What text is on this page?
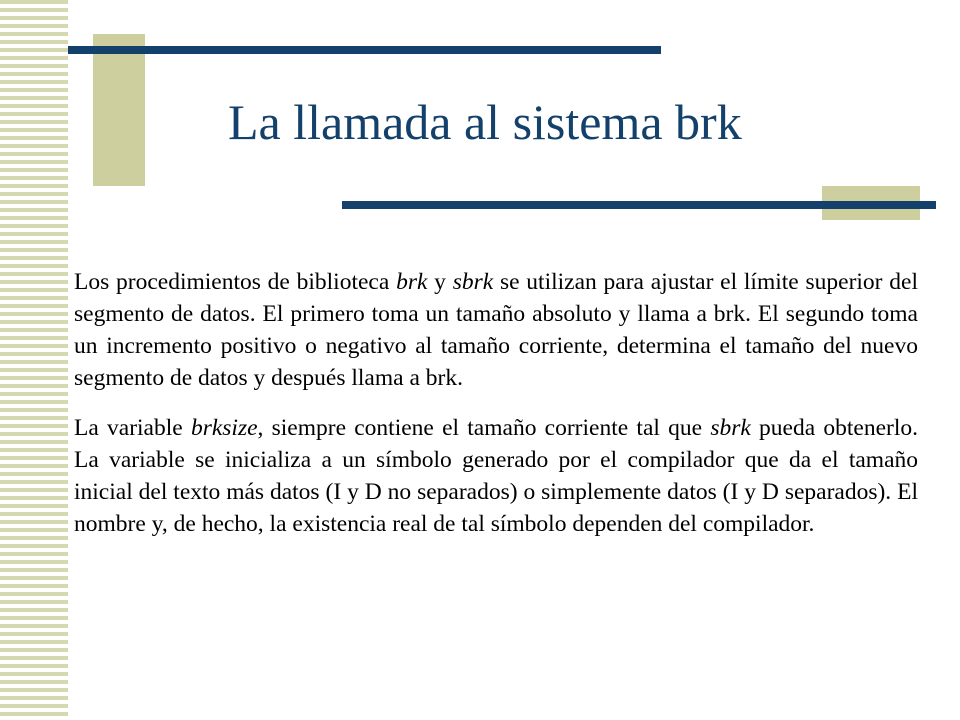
La llamada al sistema brk

Los procedimientos de biblioteca brk y sbrk se utilizan para ajustar el límite superior del segmento de datos. El primero toma un tamaño absoluto y llama a brk. El segundo toma un incremento positivo o negativo al tamaño corriente, determina el tamaño del nuevo segmento de datos y después llama a brk.

La variable brksize, siempre contiene el tamaño corriente tal que sbrk pueda obtenerlo. La variable se inicializa a un símbolo generado por el compilador que da el tamaño inicial del texto más datos (I y D no separados) o simplemente datos (I y D separados). El nombre y, de hecho, la existencia real de tal símbolo dependen del compilador.
